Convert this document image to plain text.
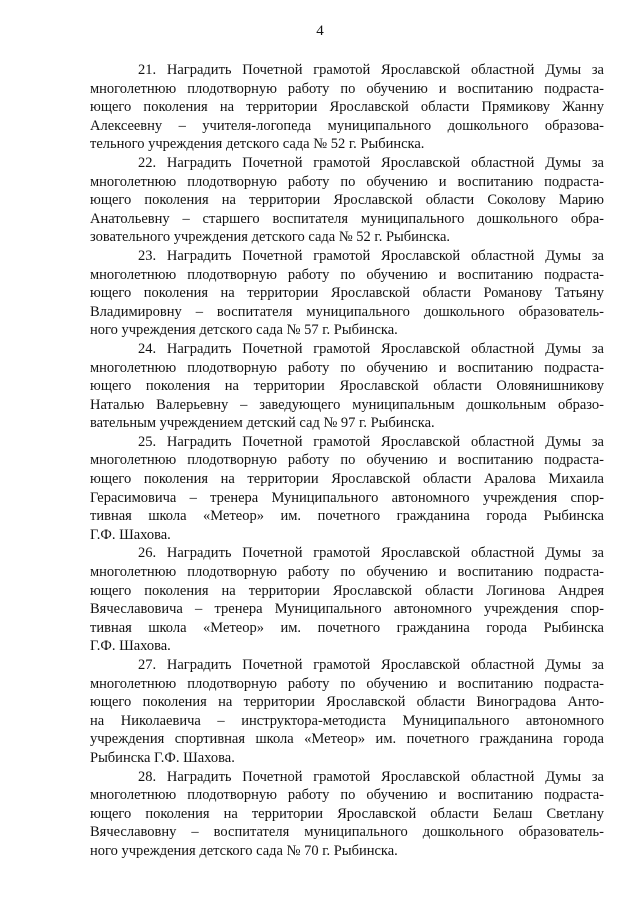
4

21. Наградить Почетной грамотой Ярославской областной Думы за
многолетнюю плодотворную работу по обучению и воспитанию подраста-
ющего поколения на территории Ярославской области Прямикову Жанну
Алексеевну – учителя-логопеда муниципального дошкольного образова-
тельного учреждения детского сада № 52 г. Рыбинска.

22. Наградить Почетной грамотой Ярославской областной Думы за
многолетнюю плодотворную работу по обучению и воспитанию подраста-
ющего поколения на территории Ярославской области Соколову Марию
Анатольевну – старшего воспитателя муниципального дошкольного обра-
зовательного учреждения детского сада № 52 г. Рыбинска.

23. Наградить Почетной грамотой Ярославской областной Думы за
многолетнюю плодотворную работу по обучению и воспитанию подраста-
ющего поколения на территории Ярославской области Романову Татьяну
Владимировну – воспитателя муниципального дошкольного образователь-
ного учреждения детского сада № 57 г. Рыбинска.

24. Наградить Почетной грамотой Ярославской областной Думы за
многолетнюю плодотворную работу по обучению и воспитанию подраста-
ющего поколения на территории Ярославской области Оловянишникову
Наталью Валерьевну – заведующего муниципальным дошкольным образо-
вательным учреждением детский сад № 97 г. Рыбинска.

25. Наградить Почетной грамотой Ярославской областной Думы за
многолетнюю плодотворную работу по обучению и воспитанию подраста-
ющего поколения на территории Ярославской области Аралова Михаила
Герасимовича – тренера Муниципального автономного учреждения спор-
тивная школа «Метеор» им. почетного гражданина города Рыбинска
Г.Ф. Шахова.

26. Наградить Почетной грамотой Ярославской областной Думы за
многолетнюю плодотворную работу по обучению и воспитанию подраста-
ющего поколения на территории Ярославской области Логинова Андрея
Вячеславовича – тренера Муниципального автономного учреждения спор-
тивная школа «Метеор» им. почетного гражданина города Рыбинска
Г.Ф. Шахова.

27. Наградить Почетной грамотой Ярославской областной Думы за
многолетнюю плодотворную работу по обучению и воспитанию подраста-
ющего поколения на территории Ярославской области Виноградова Анто-
на Николаевича – инструктора-методиста Муниципального автономного
учреждения спортивная школа «Метеор» им. почетного гражданина города
Рыбинска Г.Ф. Шахова.

28. Наградить Почетной грамотой Ярославской областной Думы за
многолетнюю плодотворную работу по обучению и воспитанию подраста-
ющего поколения на территории Ярославской области Белаш Светлану
Вячеславовну – воспитателя муниципального дошкольного образователь-
ного учреждения детского сада № 70 г. Рыбинска.
